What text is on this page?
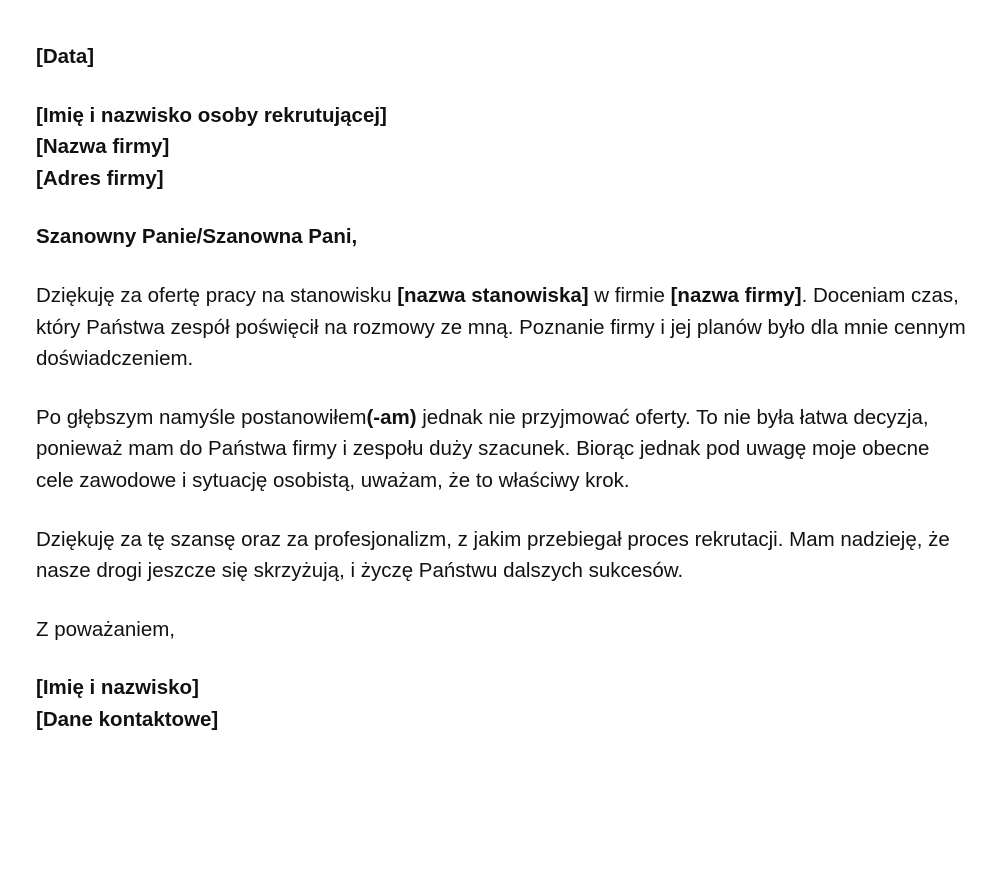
[Data]

[Imię i nazwisko osoby rekrutującej]
[Nazwa firmy]
[Adres firmy]

Szanowny Panie/Szanowna Pani,

Dziękuję za ofertę pracy na stanowisku [nazwa stanowiska] w firmie [nazwa firmy]. Doceniam czas, który Państwa zespół poświęcił na rozmowy ze mną. Poznanie firmy i jej planów było dla mnie cennym doświadczeniem.

Po głębszym namyśle postanowiłem(-am) jednak nie przyjmować oferty. To nie była łatwa decyzja, ponieważ mam do Państwa firmy i zespołu duży szacunek. Biorąc jednak pod uwagę moje obecne cele zawodowe i sytuację osobistą, uważam, że to właściwy krok.

Dziękuję za tę szansę oraz za profesjonalizm, z jakim przebiegał proces rekrutacji. Mam nadzieję, że nasze drogi jeszcze się skrzyżują, i życzę Państwu dalszych sukcesów.

Z poważaniem,

[Imię i nazwisko]
[Dane kontaktowe]
